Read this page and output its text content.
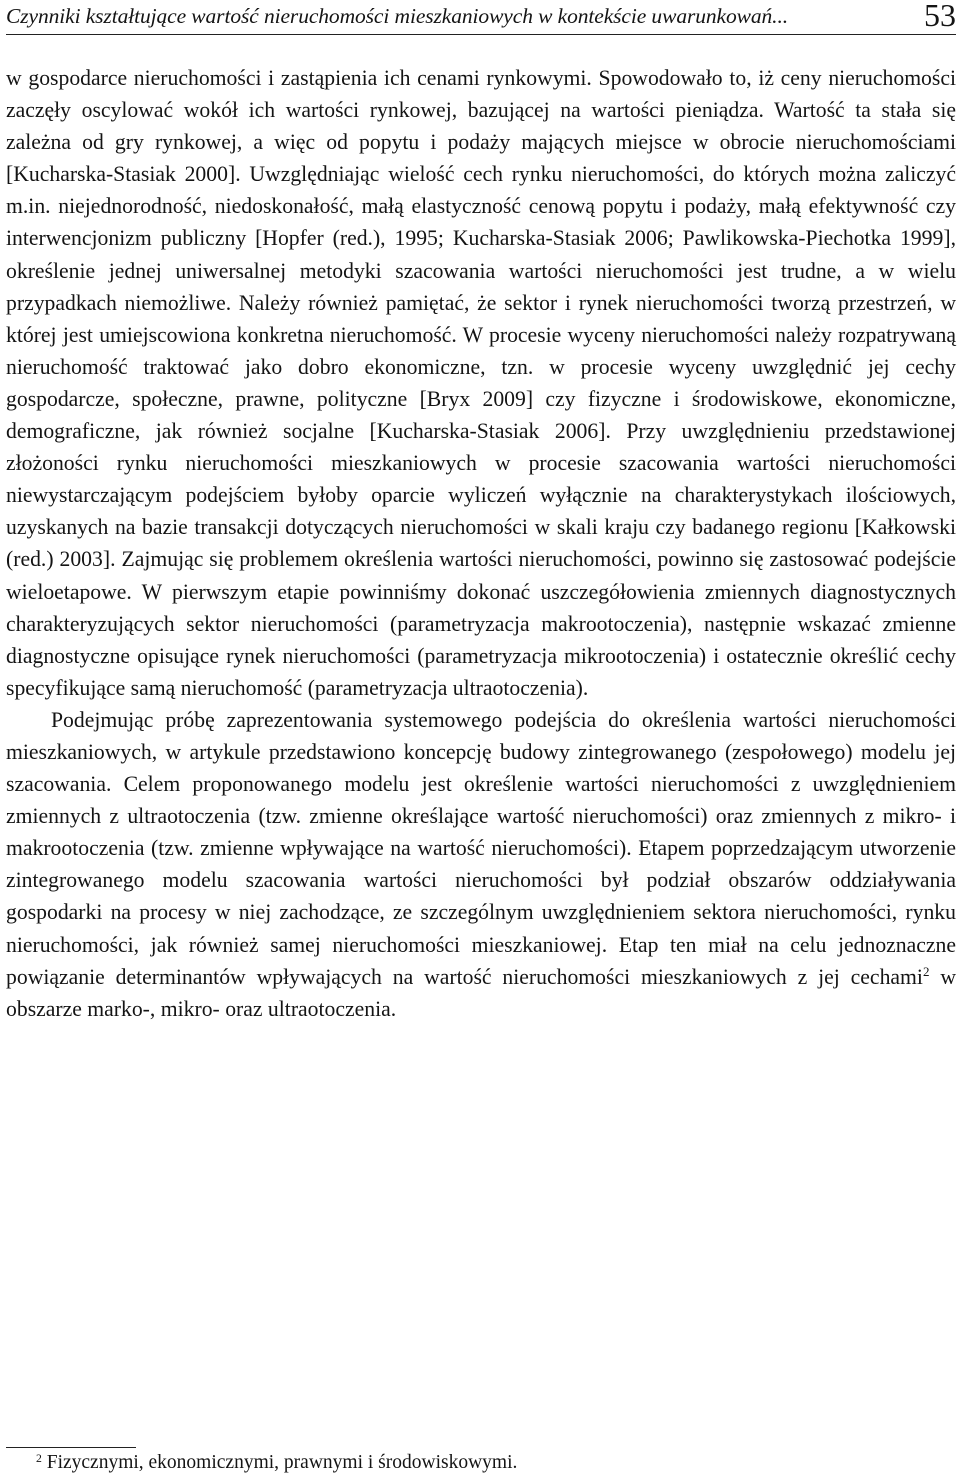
Czynniki kształtujące wartość nieruchomości mieszkaniowych w kontekście uwarunkowań...	53

w gospodarce nieruchomości i zastąpienia ich cenami rynkowymi. Spowodowało to, iż ceny nieruchomości zaczęły oscylować wokół ich wartości rynkowej, bazującej na wartości pieniądza. Wartość ta stała się zależna od gry rynkowej, a więc od popytu i podaży mających miejsce w obrocie nieruchomościami [Kucharska-Stasiak 2000]. Uwzględniając wielość cech rynku nieruchomości, do których można zaliczyć m.in. niejednorodność, niedoskonałość, małą elastyczność cenową popytu i podaży, małą efektywność czy interwencjonizm publiczny [Hopfer (red.), 1995; Kucharska-Stasiak 2006; Pawlikowska-Piechotka 1999], określenie jednej uniwersalnej metodyki szacowania wartości nieruchomości jest trudne, a w wielu przypadkach niemożliwe. Należy również pamiętać, że sektor i rynek nieruchomości tworzą przestrzeń, w której jest umiejscowiona konkretna nieruchomość. W procesie wyceny nieruchomości należy rozpatrywaną nieruchomość traktować jako dobro ekonomiczne, tzn. w procesie wyceny uwzględnić jej cechy gospodarcze, społeczne, prawne, polityczne [Bryx 2009] czy fizyczne i środowiskowe, ekonomiczne, demograficzne, jak również socjalne [Kucharska-Stasiak 2006]. Przy uwzględnieniu przedstawionej złożoności rynku nieruchomości mieszkaniowych w procesie szacowania wartości nieruchomości niewystarczającym podejściem byłoby oparcie wyliczeń wyłącznie na charakterystykach ilościowych, uzyskanych na bazie transakcji dotyczących nieruchomości w skali kraju czy badanego regionu [Kałkowski (red.) 2003]. Zajmując się problemem określenia wartości nieruchomości, powinno się zastosować podejście wieloetapowe. W pierwszym etapie powinniśmy dokonać uszczegółowienia zmiennych diagnostycznych charakteryzujących sektor nieruchomości (parametryzacja makrootoczenia), następnie wskazać zmienne diagnostyczne opisujące rynek nieruchomości (parametryzacja mikrootoczenia) i ostatecznie określić cechy specyfikujące samą nieruchomość (parametryzacja ultraotoczenia).

Podejmując próbę zaprezentowania systemowego podejścia do określenia wartości nieruchomości mieszkaniowych, w artykule przedstawiono koncepcję budowy zintegrowanego (zespołowego) modelu jej szacowania. Celem proponowanego modelu jest określenie wartości nieruchomości z uwzględnieniem zmiennych z ultraotoczenia (tzw. zmienne określające wartość nieruchomości) oraz zmiennych z mikro- i makrootoczenia (tzw. zmienne wpływające na wartość nieruchomości). Etapem poprzedzającym utworzenie zintegrowanego modelu szacowania wartości nieruchomości był podział obszarów oddziaływania gospodarki na procesy w niej zachodzące, ze szczególnym uwzględnieniem sektora nieruchomości, rynku nieruchomości, jak również samej nieruchomości mieszkaniowej. Etap ten miał na celu jednoznaczne powiązanie determinantów wpływających na wartość nieruchomości mieszkaniowych z jej cechami$^2$ w obszarze marko-, mikro- oraz ultraotoczenia.

$^2$ Fizycznymi, ekonomicznymi, prawnymi i środowiskowymi.
